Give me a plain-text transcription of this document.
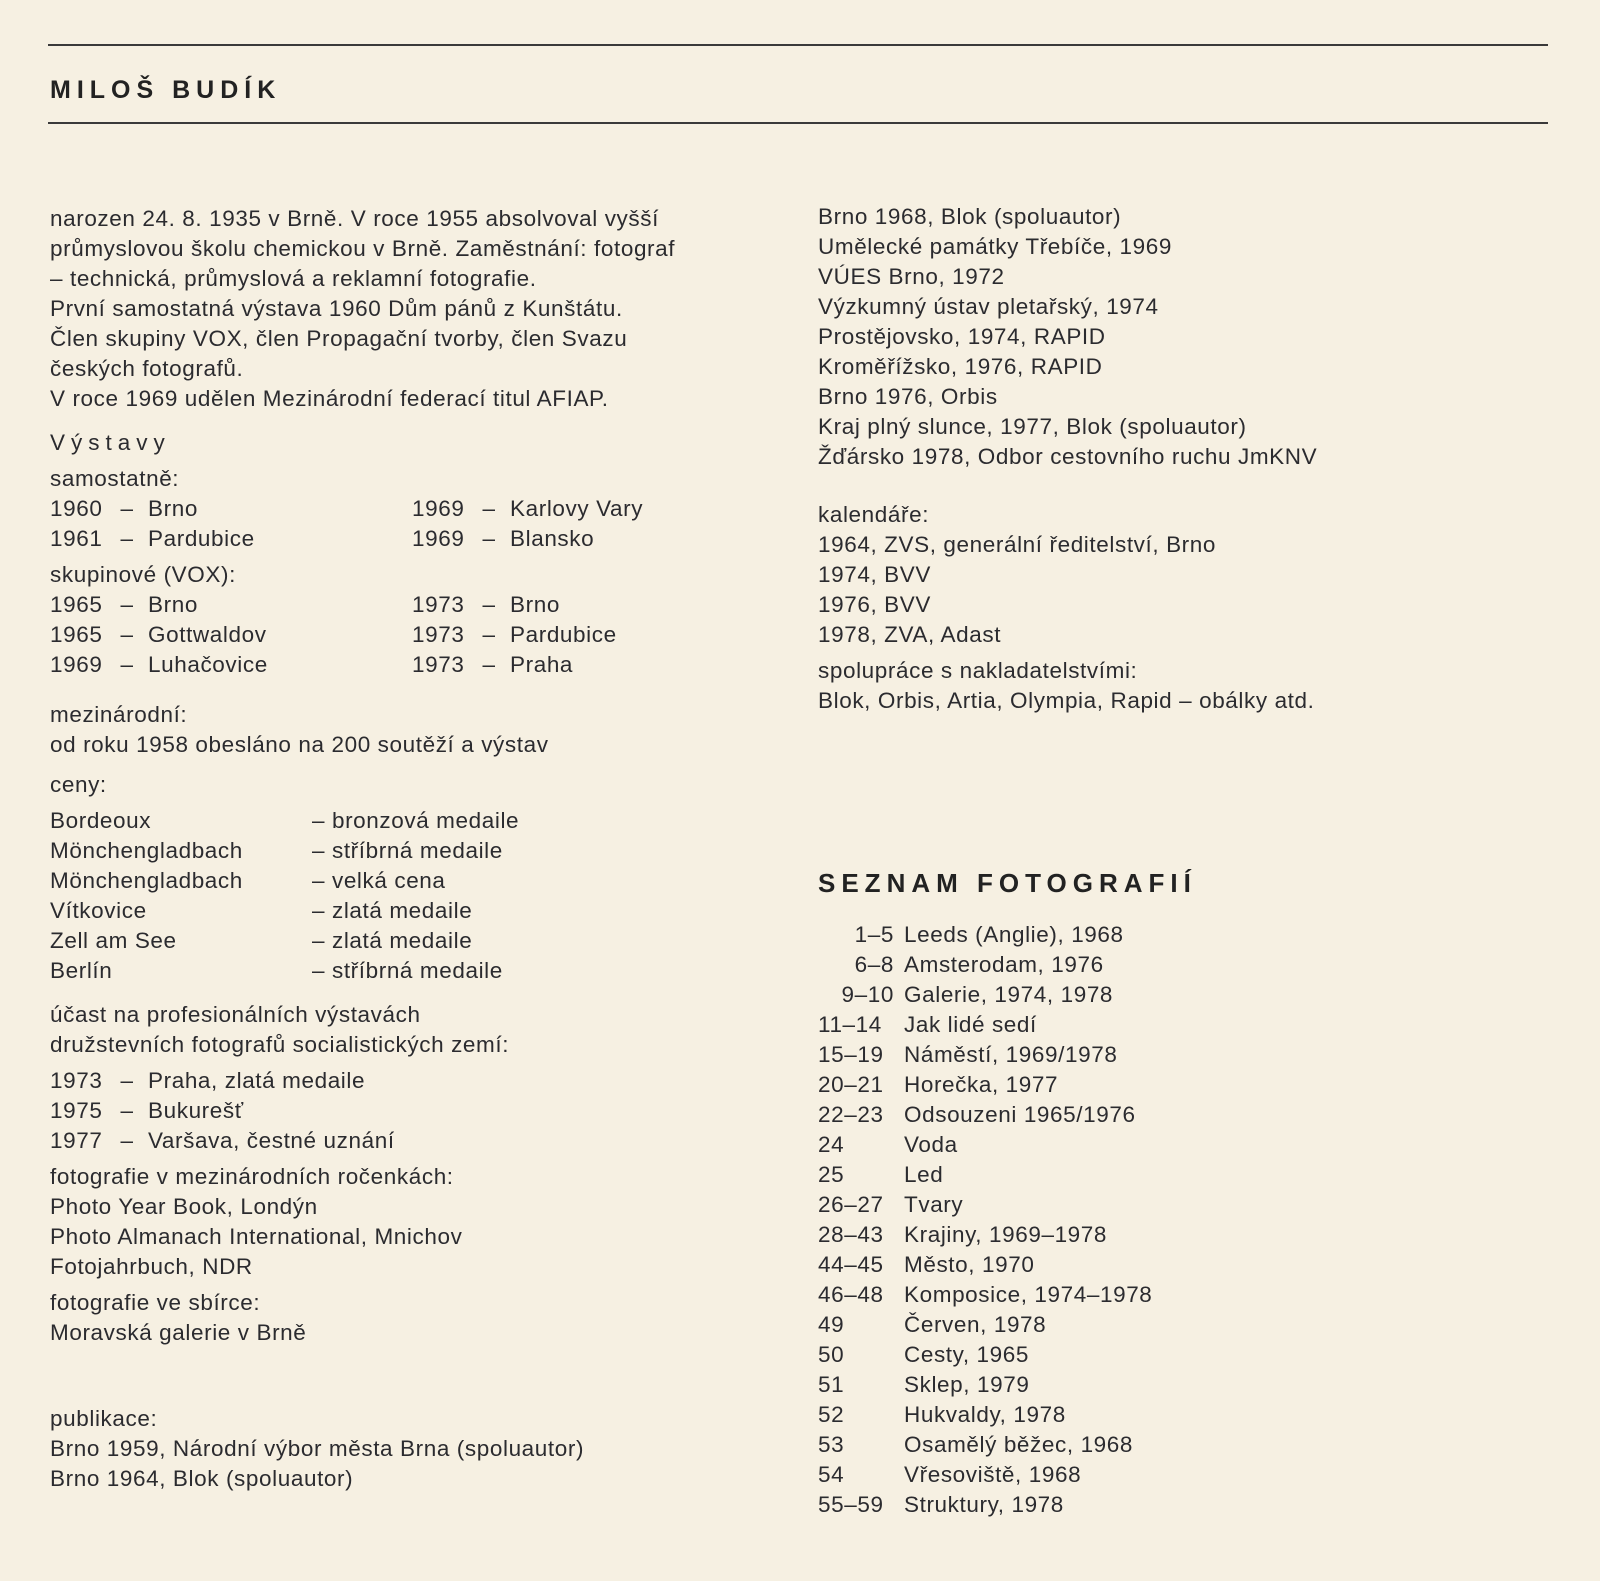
MILOŠ BUDÍK
narozen 24. 8. 1935 v Brně. V roce 1955 absolvoval vyšší
průmyslovou školu chemickou v Brně. Zaměstnání: fotograf
– technická, průmyslová a reklamní fotografie.
První samostatná výstava 1960 Dům pánů z Kunštátu.
Člen skupiny VOX, člen Propagační tvorby, člen Svazu
českých fotografů.
V roce 1969 udělen Mezinárodní federací titul AFIAP.
Výstavy
samostatně:
1960 – Brno	1969 – Karlovy Vary
1961 – Pardubice	1969 – Blansko
skupinové (VOX):
1965 – Brno	1973 – Brno
1965 – Gottwaldov	1973 – Pardubice
1969 – Luhačovice	1973 – Praha
mezinárodní:
od roku 1958 obesláno na 200 soutěží a výstav
ceny:
Bordeoux	– bronzová medaile
Mönchengladbach	– stříbrná medaile
Mönchengladbach	– velká cena
Vítkovice	– zlatá medaile
Zell am See	– zlatá medaile
Berlín	– stříbrná medaile
účast na profesionálních výstavách
družstevních fotografů socialistických zemí:
1973 – Praha, zlatá medaile
1975 – Bukurešť
1977 – Varšava, čestné uznání
fotografie v mezinárodních ročenkách:
Photo Year Book, Londýn
Photo Almanach International, Mnichov
Fotojahrbuch, NDR
fotografie ve sbírce:
Moravská galerie v Brně
publikace:
Brno 1959, Národní výbor města Brna (spoluautor)
Brno 1964, Blok (spoluautor)
Brno 1968, Blok (spoluautor)
Umělecké památky Třebíče, 1969
VÚES Brno, 1972
Výzkumný ústav pletařský, 1974
Prostějovsko, 1974, RAPID
Kroměřížsko, 1976, RAPID
Brno 1976, Orbis
Kraj plný slunce, 1977, Blok (spoluautor)
Žďársko 1978, Odbor cestovního ruchu JmKNV
kalendáře:
1964, ZVS, generální ředitelství, Brno
1974, BVV
1976, BVV
1978, ZVA, Adast
spolupráce s nakladatelstvími:
Blok, Orbis, Artia, Olympia, Rapid – obálky atd.
SEZNAM FOTOGRAFIÍ
1–5 Leeds (Anglie), 1968
6–8 Amsterodam, 1976
9–10 Galerie, 1974, 1978
11–14 Jak lidé sedí
15–19 Náměstí, 1969/1978
20–21 Horečka, 1977
22–23 Odsouzeni 1965/1976
24	Voda
25	Led
26–27 Tvary
28–43 Krajiny, 1969–1978
44–45 Město, 1970
46–48 Komposice, 1974–1978
49	Červen, 1978
50	Cesty, 1965
51	Sklep, 1979
52	Hukvaldy, 1978
53	Osamělý běžec, 1968
54	Vřesoviště, 1968
55–59 Struktury, 1978
